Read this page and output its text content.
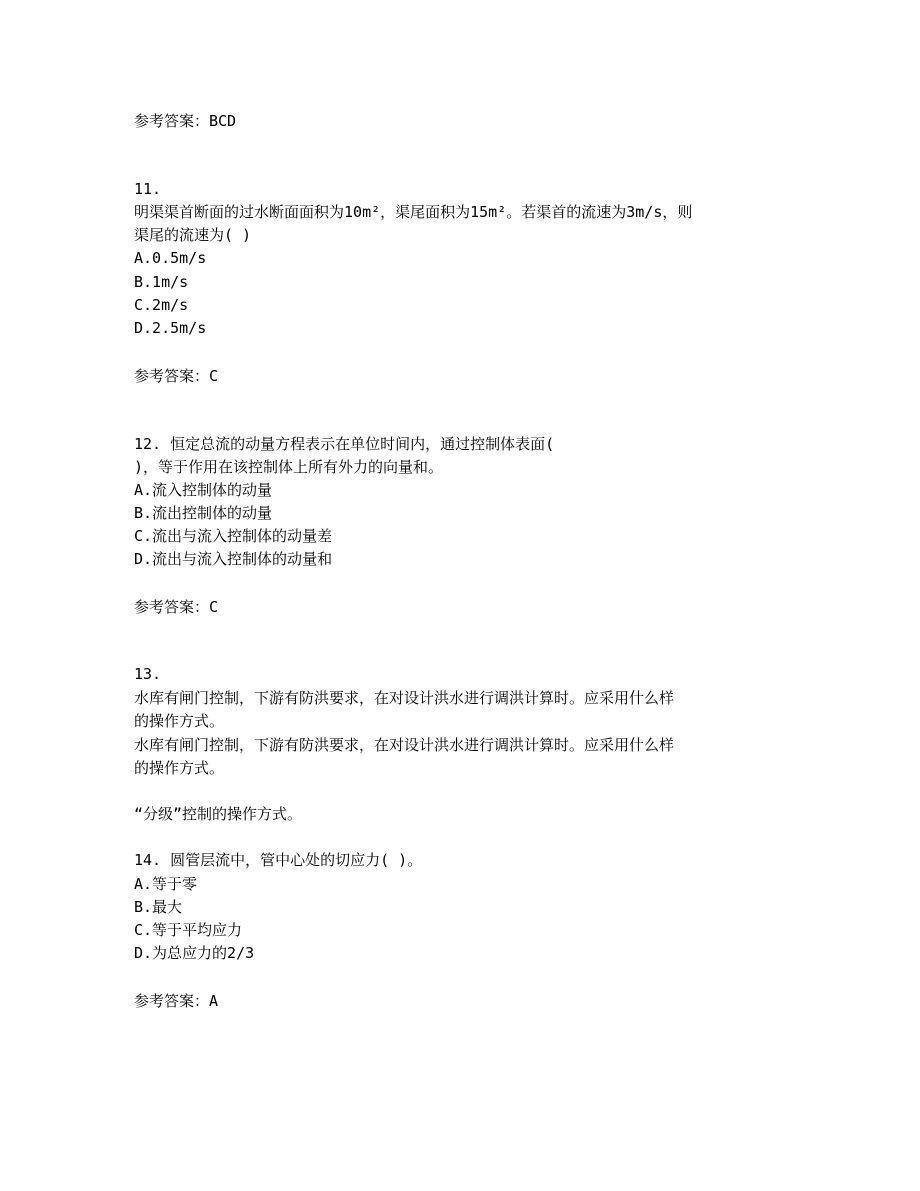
参考答案：BCD
11.
明渠渠首断面的过水断面面积为10m²，渠尾面积为15m²。若渠首的流速为3m/s，则
渠尾的流速为( )
A.0.5m/s
B.1m/s
C.2m/s
D.2.5m/s
参考答案：C
12. 恒定总流的动量方程表示在单位时间内，通过控制体表面(
)，等于作用在该控制体上所有外力的向量和。
A.流入控制体的动量
B.流出控制体的动量
C.流出与流入控制体的动量差
D.流出与流入控制体的动量和
参考答案：C
13.
水库有闸门控制，下游有防洪要求，在对设计洪水进行调洪计算时。应采用什么样
的操作方式。
水库有闸门控制，下游有防洪要求，在对设计洪水进行调洪计算时。应采用什么样
的操作方式。
“分级”控制的操作方式。
14. 圆管层流中，管中心处的切应力( )。
A.等于零
B.最大
C.等于平均应力
D.为总应力的2/3
参考答案：A
